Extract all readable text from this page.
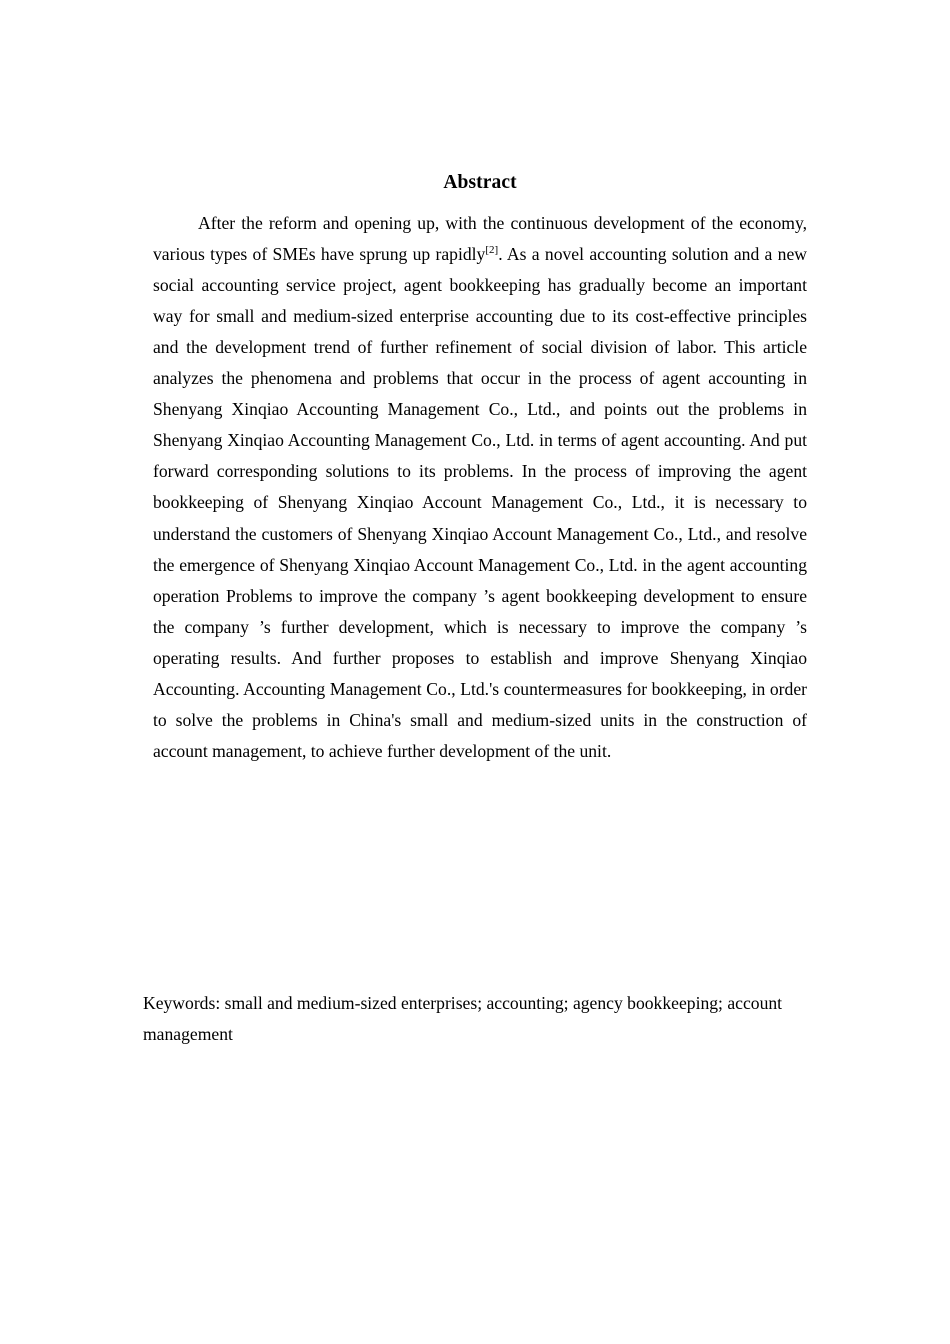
Abstract

After the reform and opening up, with the continuous development of the economy, various types of SMEs have sprung up rapidly[2]. As a novel accounting solution and a new social accounting service project, agent bookkeeping has gradually become an important way for small and medium-sized enterprise accounting due to its cost-effective principles and the development trend of further refinement of social division of labor. This article analyzes the phenomena and problems that occur in the process of agent accounting in Shenyang Xinqiao Accounting Management Co., Ltd., and points out the problems in Shenyang Xinqiao Accounting Management Co., Ltd. in terms of agent accounting. And put forward corresponding solutions to its problems. In the process of improving the agent bookkeeping of Shenyang Xinqiao Account Management Co., Ltd., it is necessary to understand the customers of Shenyang Xinqiao Account Management Co., Ltd., and resolve the emergence of Shenyang Xinqiao Account Management Co., Ltd. in the agent accounting operation Problems to improve the company ’s agent bookkeeping development to ensure the company ’s further development, which is necessary to improve the company ’s operating results. And further proposes to establish and improve Shenyang Xinqiao Accounting. Accounting Management Co., Ltd.'s countermeasures for bookkeeping, in order to solve the problems in China's small and medium-sized units in the construction of account management, to achieve further development of the unit.

Keywords: small and medium-sized enterprises; accounting; agency bookkeeping; account management
